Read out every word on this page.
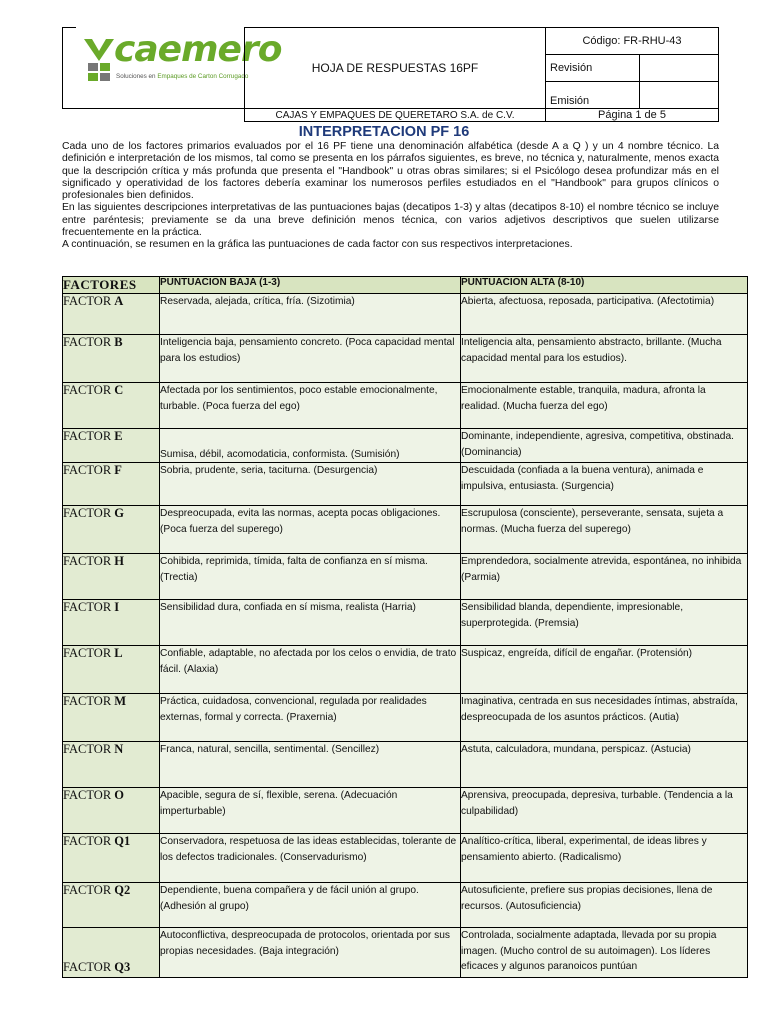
caemero
Soluciones en Empaques de Carton Corrugado
HOJA DE RESPUESTAS 16PF
Código: FR-RHU-43
Revisión
Emisión
CAJAS Y EMPAQUES DE QUERETARO S.A. de C.V.	Página 1 de 5
INTERPRETACION PF 16

Cada uno de los factores primarios evaluados por el 16 PF tiene una denominación alfabética (desde A a Q ) y un 4 nombre técnico. La definición e interpretación de los mismos, tal como se presenta en los párrafos siguientes, es breve, no técnica y, naturalmente, menos exacta que la descripción crítica y más profunda que presenta el "Handbook" u otras obras similares; si el Psicólogo desea profundizar más en el significado y operatividad de los factores debería examinar los numerosos perfiles estudiados en el "Handbook" para grupos clínicos o profesionales bien definidos.

En las siguientes descripciones interpretativas de las puntuaciones bajas (decatipos 1-3) y altas (decatipos 8-10) el nombre técnico se incluye entre paréntesis; previamente se da una breve definición menos técnica, con varios adjetivos descriptivos que suelen utilizarse frecuentemente en la práctica.

A continuación, se resumen en la gráfica las puntuaciones de cada factor con sus respectivos interpretaciones.

FACTORES	PUNTUACION BAJA (1-3)	PUNTUACION ALTA (8-10)
FACTOR A	Reservada, alejada, crítica, fría. (Sizotimia)	Abierta, afectuosa, reposada, participativa. (Afectotimia)
FACTOR B	Inteligencia baja, pensamiento concreto. (Poca capacidad mental para los estudios)	Inteligencia alta, pensamiento abstracto, brillante. (Mucha capacidad mental para los estudios).
FACTOR C	Afectada por los sentimientos, poco estable emocionalmente, turbable. (Poca fuerza del ego)	Emocionalmente estable, tranquila, madura, afronta la realidad. (Mucha fuerza del ego)
FACTOR E	Sumisa, débil, acomodaticia, conformista. (Sumisión)	Dominante, independiente, agresiva, competitiva, obstinada. (Dominancia)
FACTOR F	Sobria, prudente, seria, taciturna. (Desurgencia)	Descuidada (confiada a la buena ventura), animada e impulsiva, entusiasta. (Surgencia)
FACTOR G	Despreocupada, evita las normas, acepta pocas obligaciones. (Poca fuerza del superego)	Escrupulosa (consciente), perseverante, sensata, sujeta a normas. (Mucha fuerza del superego)
FACTOR H	Cohibida, reprimida, tímida, falta de confianza en sí misma. (Trectia)	Emprendedora, socialmente atrevida, espontánea, no inhibida (Parmia)
FACTOR I	Sensibilidad dura, confiada en sí misma, realista (Harria)	Sensibilidad blanda, dependiente, impresionable, superprotegida. (Premsia)
FACTOR L	Confiable, adaptable, no afectada por los celos o envidia, de trato fácil. (Alaxia)	Suspicaz, engreída, difícil de engañar. (Protensión)
FACTOR M	Práctica, cuidadosa, convencional, regulada por realidades externas, formal y correcta. (Praxernia)	Imaginativa, centrada en sus necesidades íntimas, abstraída, despreocupada de los asuntos prácticos. (Autia)
FACTOR N	Franca, natural, sencilla, sentimental. (Sencillez)	Astuta, calculadora, mundana, perspicaz. (Astucia)
FACTOR O	Apacible, segura de sí, flexible, serena. (Adecuación imperturbable)	Aprensiva, preocupada, depresiva, turbable. (Tendencia a la culpabilidad)
FACTOR Q1	Conservadora, respetuosa de las ideas establecidas, tolerante de los defectos tradicionales. (Conservadurismo)	Analítico-crítica, liberal, experimental, de ideas libres y pensamiento abierto. (Radicalismo)
FACTOR Q2	Dependiente, buena compañera y de fácil unión al grupo. (Adhesión al grupo)	Autosuficiente, prefiere sus propias decisiones, llena de recursos. (Autosuficiencia)
FACTOR Q3	Autoconflictiva, despreocupada de protocolos, orientada por sus propias necesidades. (Baja integración)	Controlada, socialmente adaptada, llevada por su propia imagen. (Mucho control de su autoimagen). Los líderes eficaces y algunos paranoicos puntúan
